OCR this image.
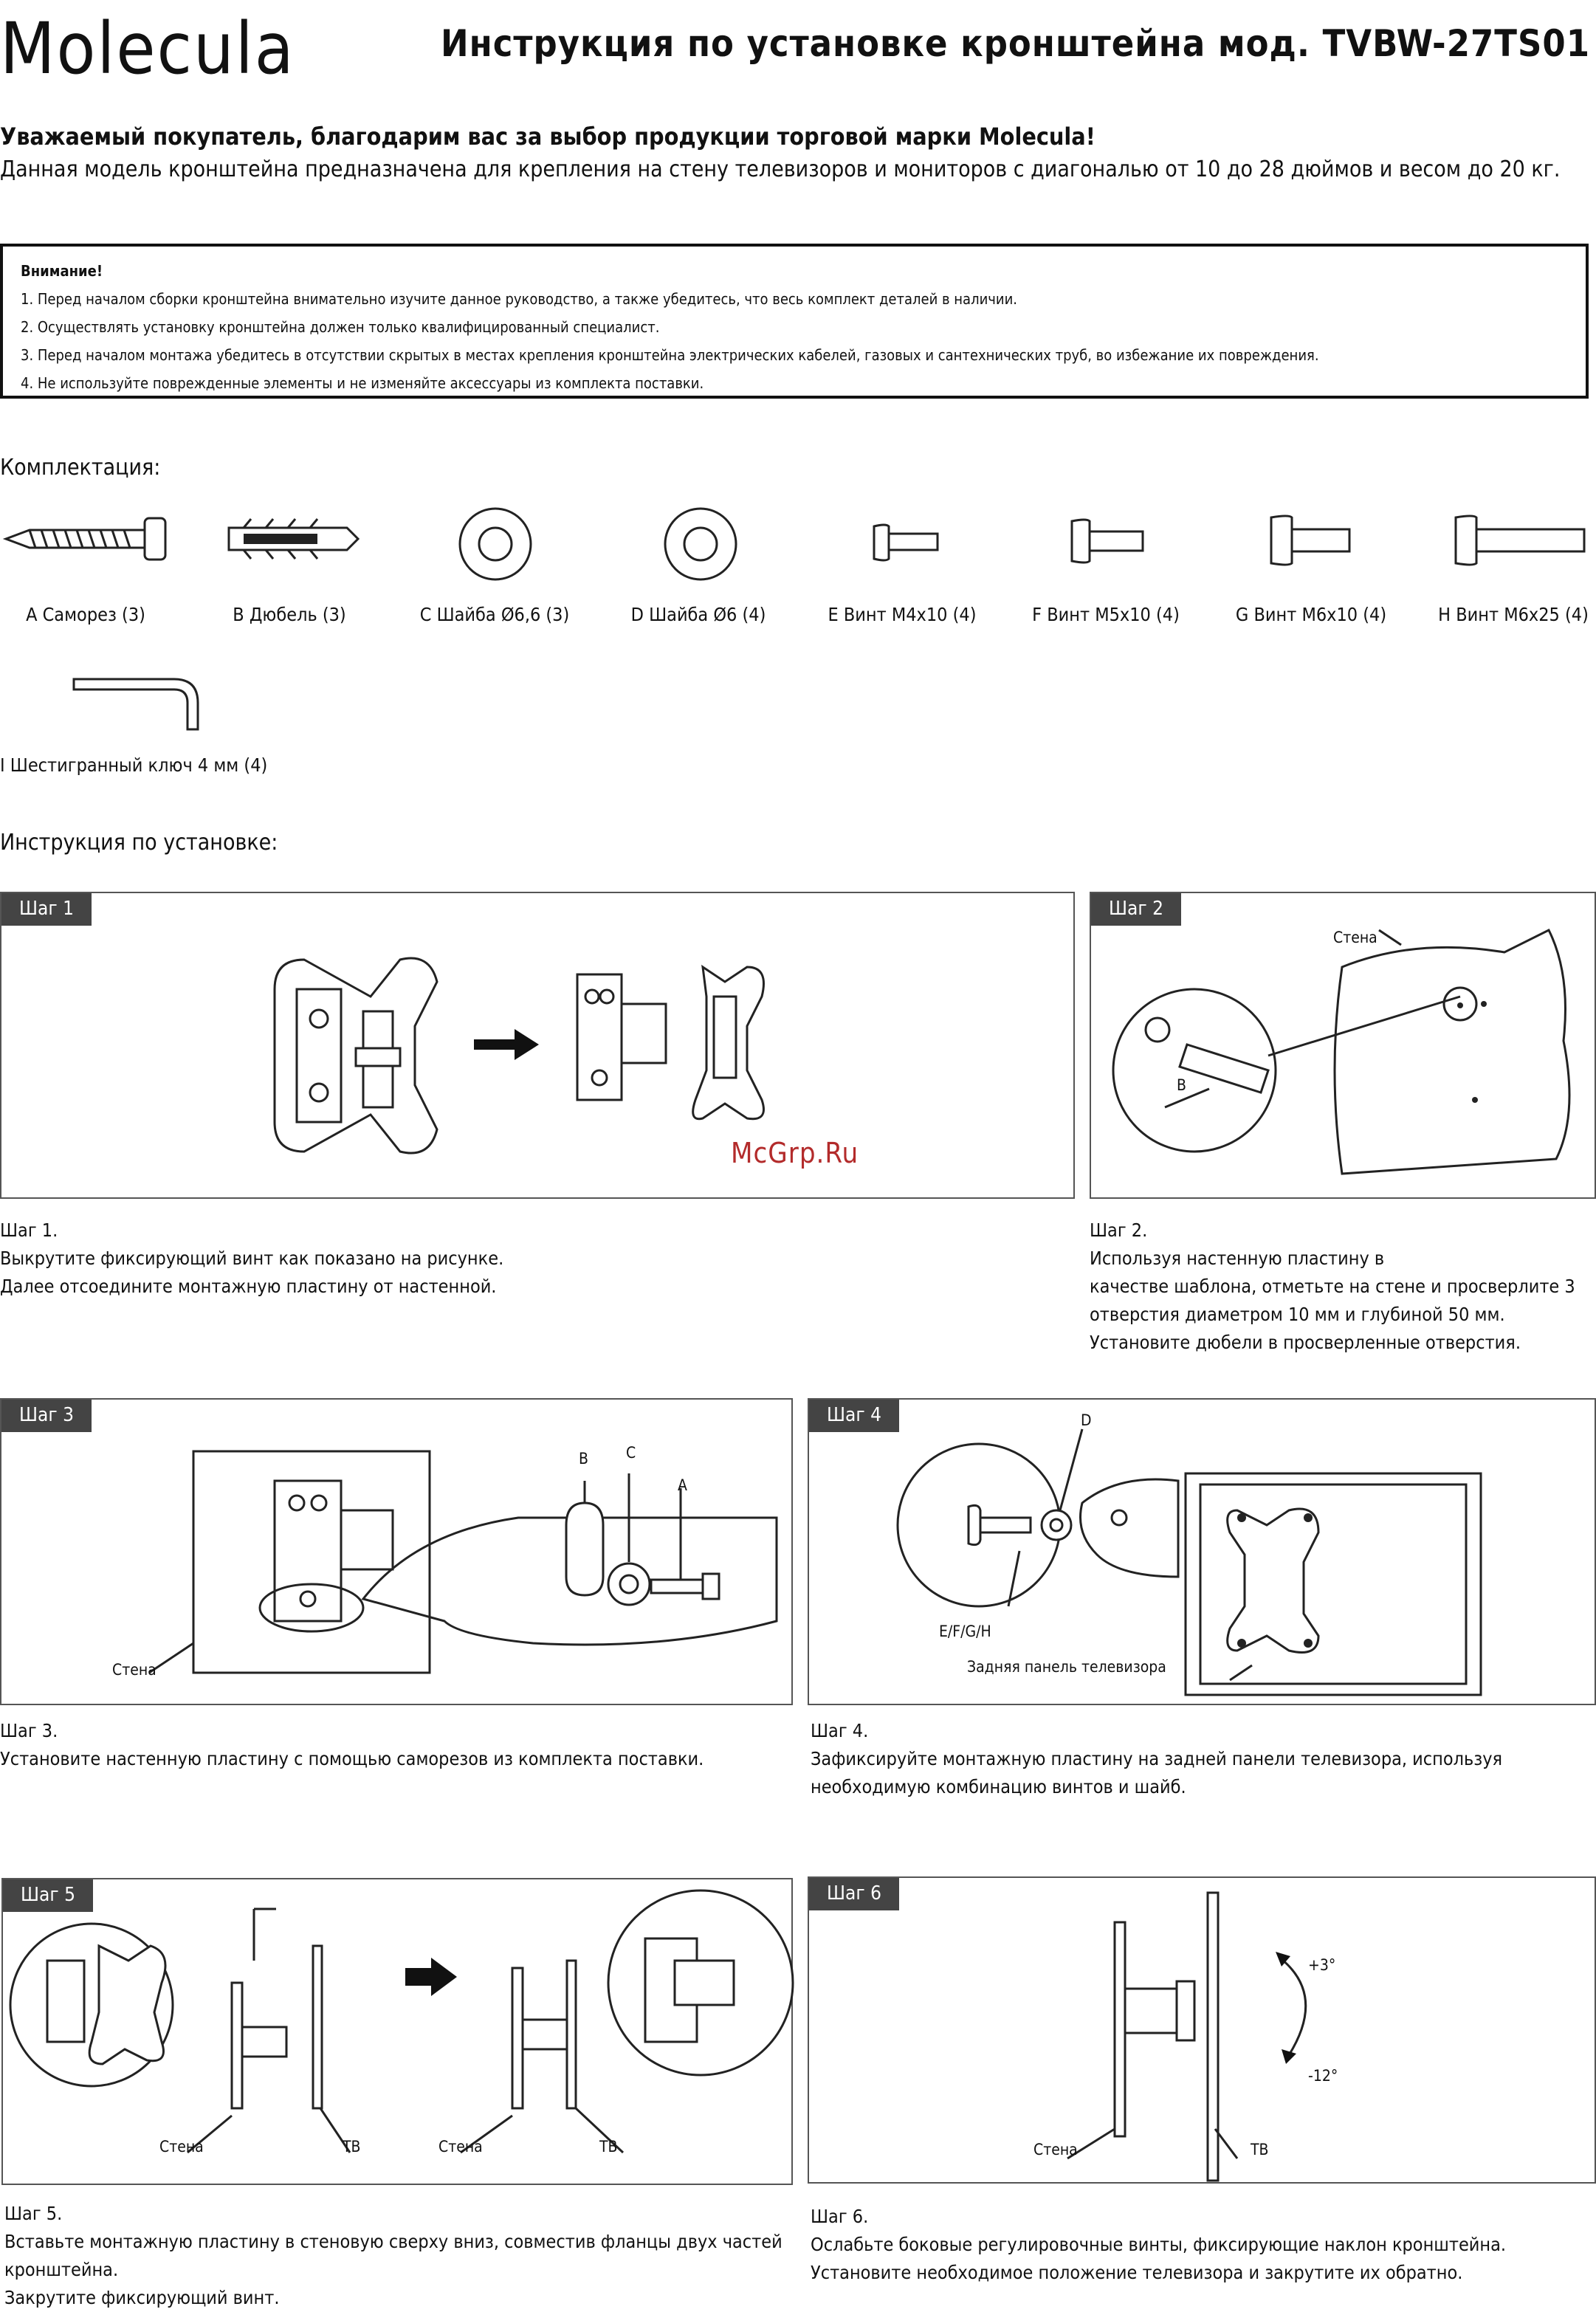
Molecula	Инструкция по установке кронштейна мод. TVBW-27TS01
Уважаемый покупатель, благодарим вас за выбор продукции торговой марки Molecula!
Данная модель кронштейна предназначена для крепления на стену телевизоров и мониторов с диагональю от 10 до 28 дюймов и весом до 20 кг.
Внимание!
1. Перед началом сборки кронштейна внимательно изучите данное руководство, а также убедитесь, что весь комплект деталей в наличии.
2. Осуществлять установку кронштейна должен только квалифицированный специалист.
3. Перед началом монтажа убедитесь в отсутствии скрытых в местах крепления кронштейна электрических кабелей, газовых и сантехнических труб, во избежание их повреждения.
4. Не используйте поврежденные элементы и не изменяйте аксессуары из комплекта поставки.
Комплектация:
A Саморез (3)	B Дюбель (3)	C Шайба Ø6,6 (3)	D Шайба Ø6 (4)	E Винт M4x10 (4)	F Винт M5x10 (4)	G Винт M6x10 (4)	H Винт M6x25 (4)
I Шестигранный ключ 4 мм (4)
Инструкция по установке:
Шаг 1
McGrp.Ru
Шаг 1.
Выкрутите фиксирующий винт как показано на рисунке.
Далее отсоедините монтажную пластину от настенной.
Шаг 2
Стена
B
Шаг 2.
Используя настенную пластину в
качестве шаблона, отметьте на стене и просверлите 3
отверстия диаметром 10 мм и глубиной 50 мм.
Установите дюбели в просверленные отверстия.
Шаг 3
B C
A
Стена
Шаг 3.
Установите настенную пластину с помощью саморезов из комплекта поставки.
Шаг 4	D
E/F/G/H
Задняя панель телевизора
Шаг 4.
Зафиксируйте монтажную пластину на задней панели телевизора, используя
необходимую комбинацию винтов и шайб.
Шаг 5
Стена	ТВ	Стена	ТВ
Шаг 5.
Вставьте монтажную пластину в стеновую сверху вниз, совместив фланцы двух частей
кронштейна.
Закрутите фиксирующий винт.
Шаг 6
+3°
-12°
Стена	ТВ
Шаг 6.
Ослабьте боковые регулировочные винты, фиксирующие наклон кронштейна.
Установите необходимое положение телевизора и закрутите их обратно.
